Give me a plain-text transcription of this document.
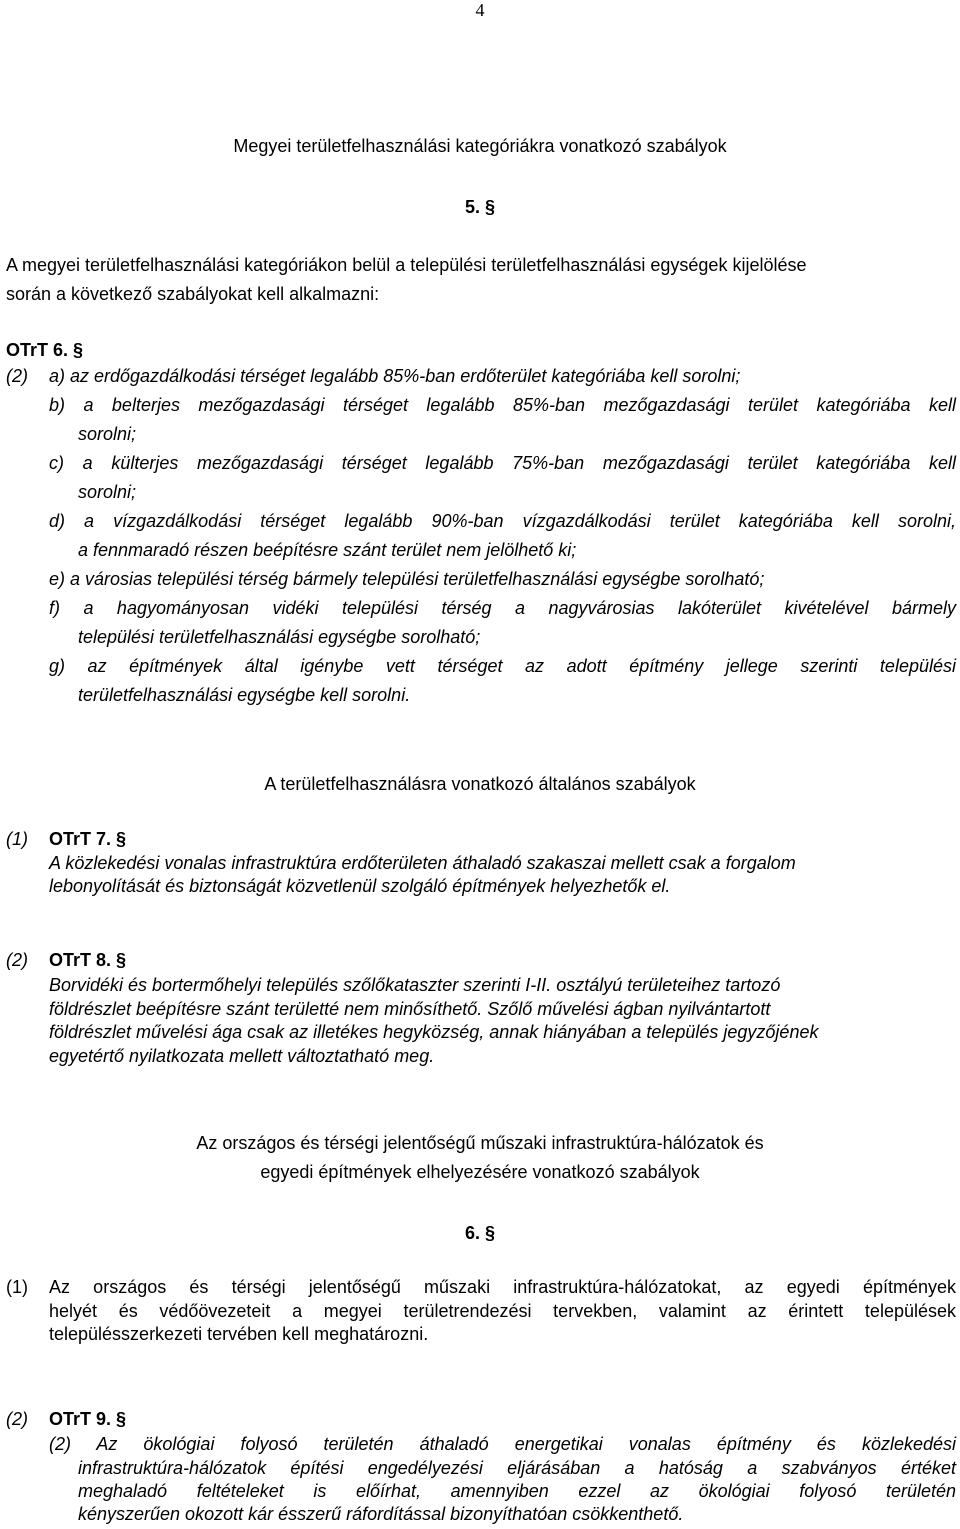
4
Megyei területfelhasználási kategóriákra vonatkozó szabályok
5. §
A megyei területfelhasználási kategóriákon belül a települési területfelhasználási egységek kijelölése
során a következő szabályokat kell alkalmazni:
OTrT 6. §
(2) a) az erdőgazdálkodási térséget legalább 85%-ban erdőterület kategóriába kell sorolni;
b) a belterjes mezőgazdasági térséget legalább 85%-ban mezőgazdasági terület kategóriába kell
sorolni;
c) a külterjes mezőgazdasági térséget legalább 75%-ban mezőgazdasági terület kategóriába kell
sorolni;
d) a vízgazdálkodási térséget legalább 90%-ban vízgazdálkodási terület kategóriába kell sorolni,
a fennmaradó részen beépítésre szánt terület nem jelölhető ki;
e) a városias települési térség bármely települési területfelhasználási egységbe sorolható;
f) a hagyományosan vidéki települési térség a nagyvárosias lakóterület kivételével bármely
települési területfelhasználási egységbe sorolható;
g) az építmények által igénybe vett térséget az adott építmény jellege szerinti települési
területfelhasználási egységbe kell sorolni.
A területfelhasználásra vonatkozó általános szabályok
(1) OTrT 7. §
A közlekedési vonalas infrastruktúra erdőterületen áthaladó szakaszai mellett csak a forgalom
lebonyolítását és biztonságát közvetlenül szolgáló építmények helyezhetők el.
(2) OTrT 8. §
Borvidéki és bortermőhelyi település szőlőkataszter szerinti I-II. osztályú területeihez tartozó
földrészlet beépítésre szánt területté nem minősíthető. Szőlő művelési ágban nyilvántartott
földrészlet művelési ága csak az illetékes hegyközség, annak hiányában a település jegyzőjének
egyetértő nyilatkozata mellett változtatható meg.
Az országos és térségi jelentőségű műszaki infrastruktúra-hálózatok és
egyedi építmények elhelyezésére vonatkozó szabályok
6. §
(1) Az országos és térségi jelentőségű műszaki infrastruktúra-hálózatokat, az egyedi építmények
helyét és védőövezeteit a megyei területrendezési tervekben, valamint az érintett települések
településszerkezeti tervében kell meghatározni.
(2) OTrT 9. §
(2) Az ökológiai folyosó területén áthaladó energetikai vonalas építmény és közlekedési
infrastruktúra-hálózatok építési engedélyezési eljárásában a hatóság a szabványos értéket
meghaladó feltételeket is előírhat, amennyiben ezzel az ökológiai folyosó területén
kényszerűen okozott kár ésszerű ráfordítással bizonyíthatóan csökkenthető.
